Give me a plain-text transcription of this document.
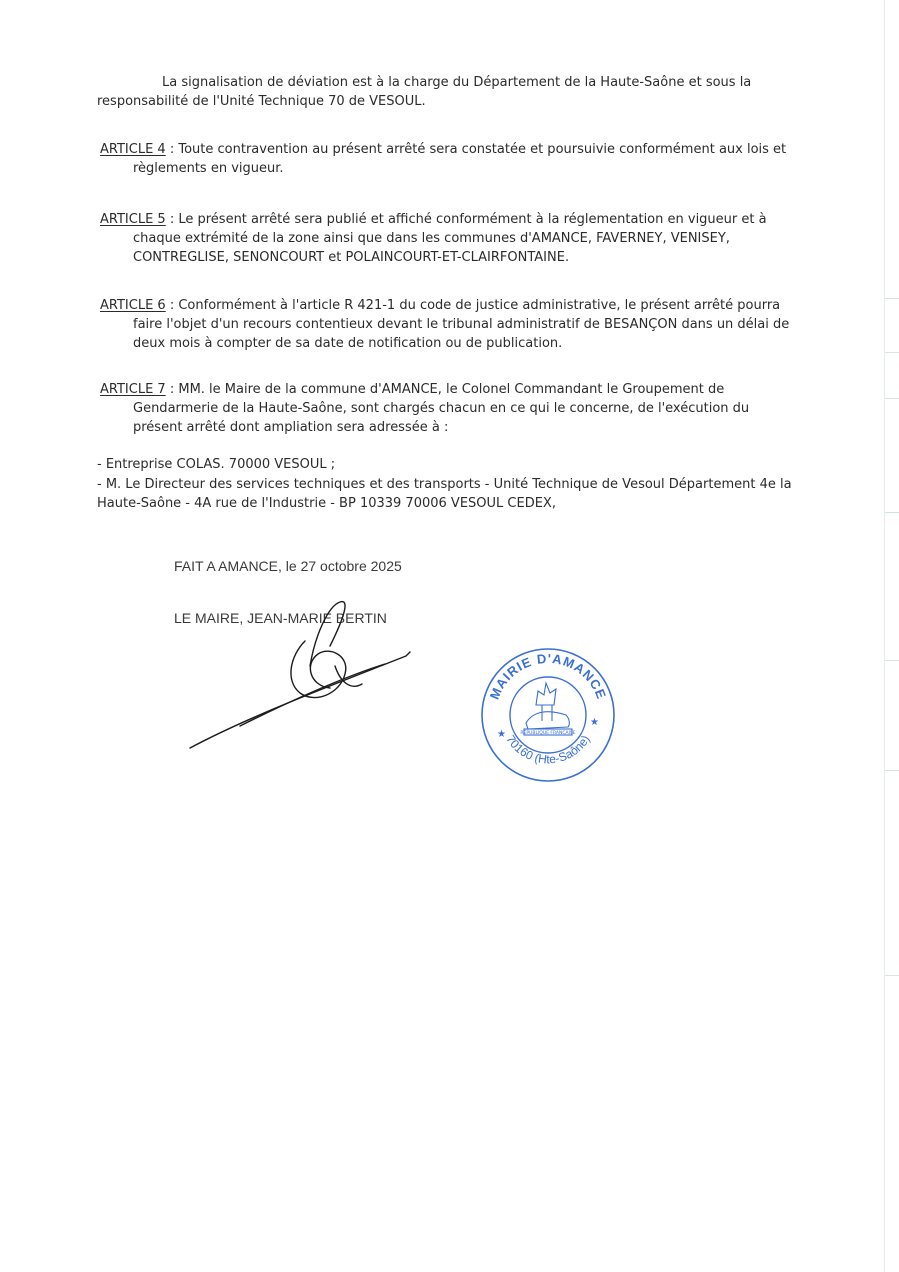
La signalisation de déviation est à la charge du Département de la Haute-Saône et sous la

responsabilité de l'Unité Technique 70 de VESOUL.

ARTICLE 4 : Toute contravention au présent arrêté sera constatée et poursuivie conformément aux lois et
règlements en vigueur.
ARTICLE 5 : Le présent arrêté sera publié et affiché conformément à la réglementation en vigueur et à
chaque extrémité de la zone ainsi que dans les communes d'AMANCE, FAVERNEY, VENISEY,
CONTREGLISE, SENONCOURT et POLAINCOURT-ET-CLAIRFONTAINE.
ARTICLE 6 : Conformément à l'article R 421-1 du code de justice administrative, le présent arrêté pourra
faire l'objet d'un recours contentieux devant le tribunal administratif de BESANÇON dans un délai de
deux mois à compter de sa date de notification ou de publication.
ARTICLE 7 : MM. le Maire de la commune d'AMANCE, le Colonel Commandant le Groupement de
Gendarmerie de la Haute-Saône, sont chargés chacun en ce qui le concerne, de l'exécution du
présent arrêté dont ampliation sera adressée à :

- Entreprise COLAS. 70000 VESOUL ;

- M. Le Directeur des services techniques et des transports - Unité Technique de Vesoul Département 4e la

Haute-Saône - 4A rue de l'Industrie - BP 10339 70006 VESOUL CEDEX,

FAIT A AMANCE, le 27 octobre 2025
LE MAIRE, JEAN-MARIE BERTIN
MAIRIE D'AMANCE
70160 (Hte-Saône)
★
★
RÉPUBLIQUE FRANÇAISE
